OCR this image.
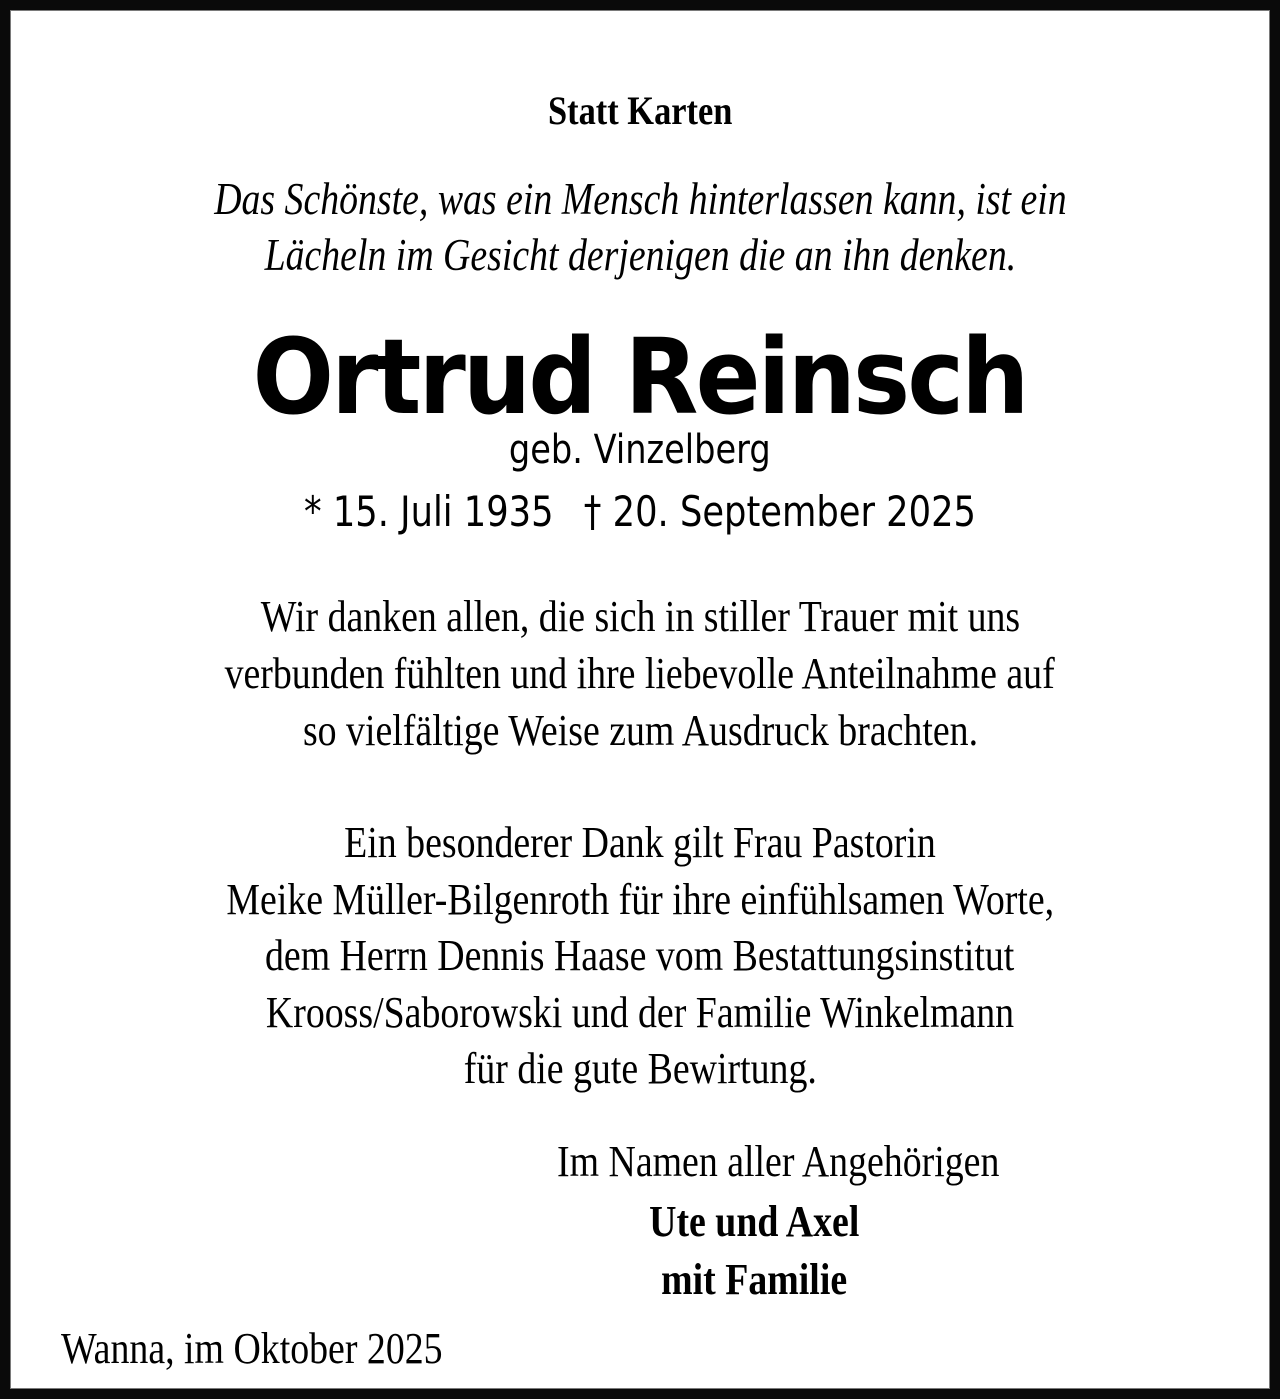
Statt Karten
Das Schönste, was ein Mensch hinterlassen kann, ist ein
Lächeln im Gesicht derjenigen die an ihn denken.
Ortrud Reinsch
geb. Vinzelberg
* 15. Juli 1935 † 20. September 2025
Wir danken allen, die sich in stiller Trauer mit uns
verbunden fühlten und ihre liebevolle Anteilnahme auf
so vielfältige Weise zum Ausdruck brachten.
Ein besonderer Dank gilt Frau Pastorin
Meike Müller-Bilgenroth für ihre einfühlsamen Worte,
dem Herrn Dennis Haase vom Bestattungsinstitut
Krooss/Saborowski und der Familie Winkelmann
für die gute Bewirtung.
Im Namen aller Angehörigen
Ute und Axel
mit Familie
Wanna, im Oktober 2025
